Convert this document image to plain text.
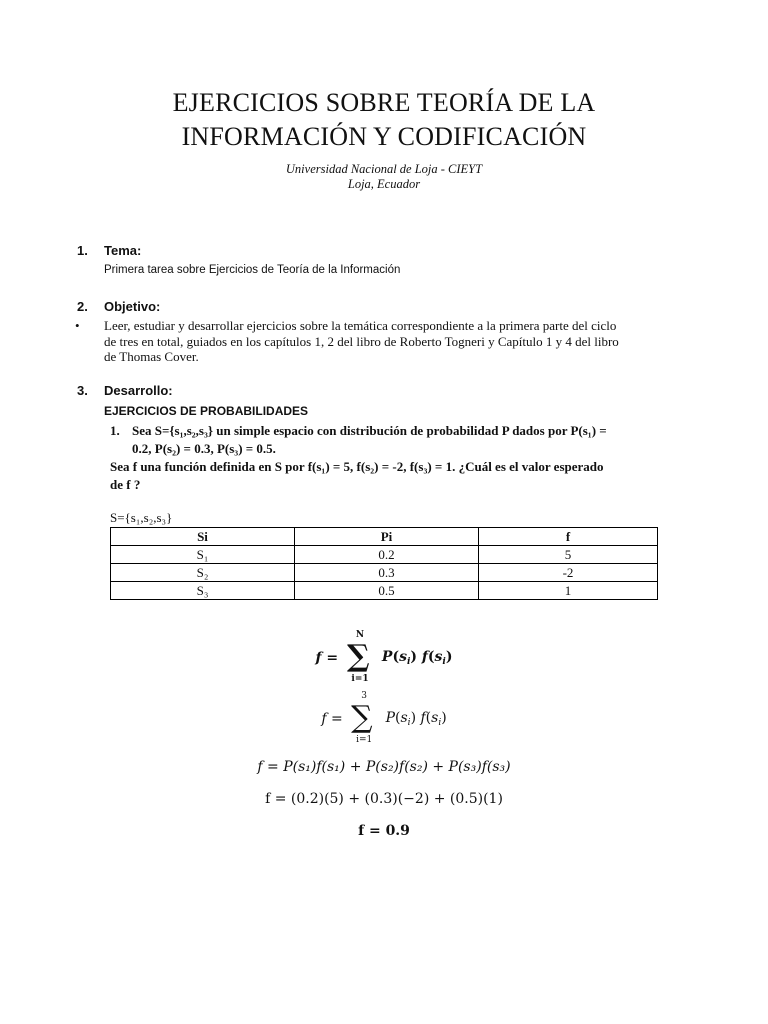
EJERCICIOS SOBRE TEORÍA DE LA
INFORMACIÓN Y CODIFICACIÓN
Universidad Nacional de Loja - CIEYT
Loja, Ecuador
1. Tema:
Primera tarea sobre Ejercicios de Teoría de la Información
2. Objetivo:
• Leer, estudiar y desarrollar ejercicios sobre la temática correspondiente a la primera parte del ciclo
de tres en total, guiados en los capítulos 1, 2 del libro de Roberto Togneri y Capítulo 1 y 4 del libro
de Thomas Cover.
3. Desarrollo:
EJERCICIOS DE PROBABILIDADES
1. Sea S={s₁,s₂,s₃} un simple espacio con distribución de probabilidad P dados por P(s₁) =
0.2, P(s₂) = 0.3, P(s₃) = 0.5.
Sea f una función definida en S por f(s₁) = 5, f(s₂) = -2, f(s₃) = 1. ¿Cuál es el valor esperado
de f ?
S={s₁,s₂,s₃}
Si	Pi	f
S₁	0.2	5
S₂	0.3	-2
S₃	0.5	1
f =
N
∑
i=1
$P(s_i)$ $f(s_i)$
f =
3
∑
i=1
$P(s_i)$ $f(s_i)$
f = P(s₁)f(s₁) + P(s₂)f(s₂) + P(s₃)f(s₃)
f = (0.2)(5) + (0.3)(−2) + (0.5)(1)
f = 0.9
